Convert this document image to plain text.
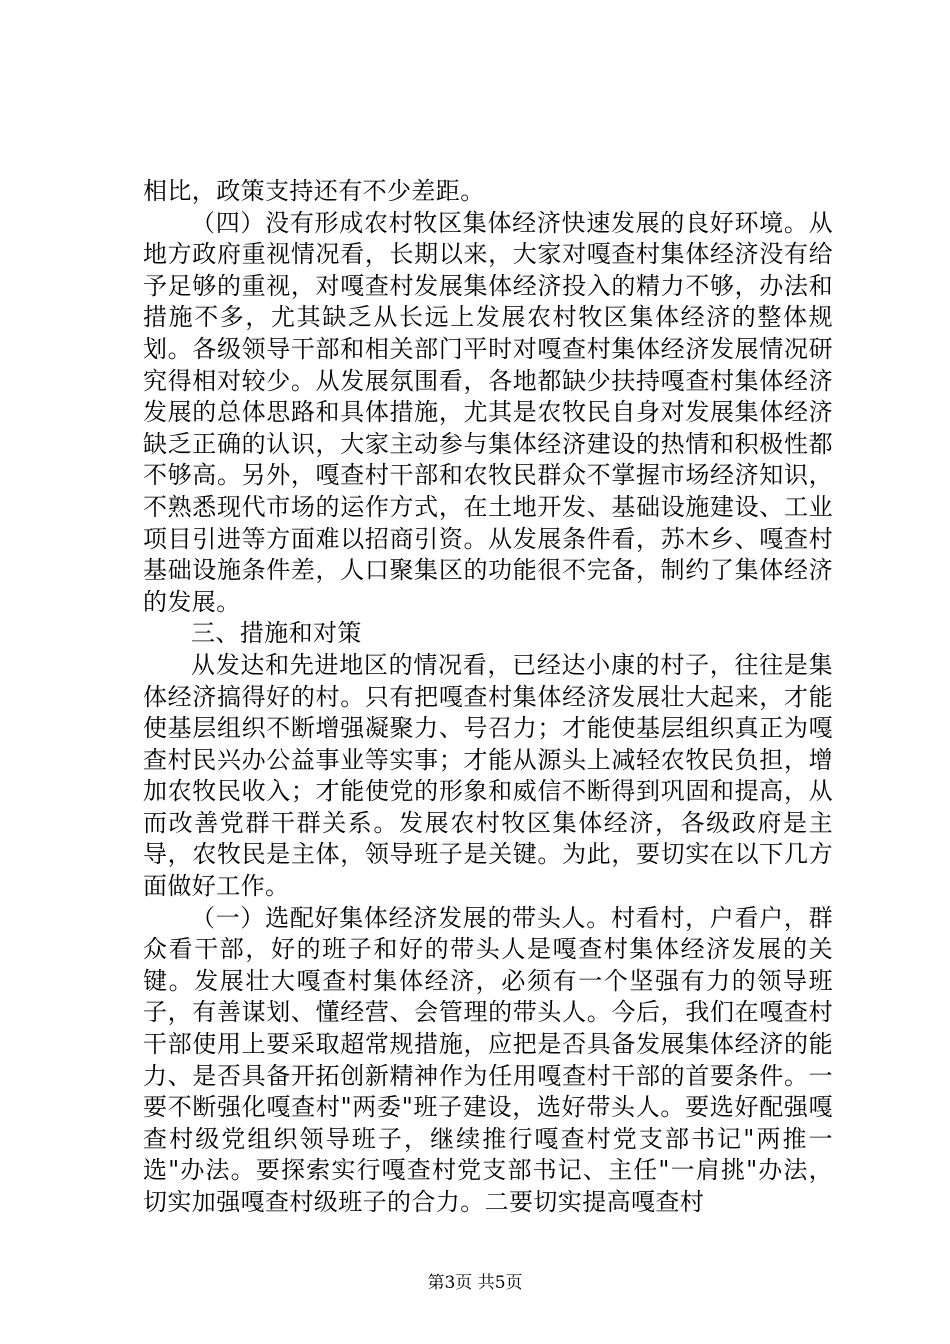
相比，政策支持还有不少差距。

（四）没有形成农村牧区集体经济快速发展的良好环境。从地方政府重视情况看，长期以来，大家对嘎查村集体经济没有给予足够的重视，对嘎查村发展集体经济投入的精力不够，办法和措施不多，尤其缺乏从长远上发展农村牧区集体经济的整体规划。各级领导干部和相关部门平时对嘎查村集体经济发展情况研究得相对较少。从发展氛围看，各地都缺少扶持嘎查村集体经济发展的总体思路和具体措施，尤其是农牧民自身对发展集体经济缺乏正确的认识，大家主动参与集体经济建设的热情和积极性都不够高。另外，嘎查村干部和农牧民群众不掌握市场经济知识，不熟悉现代市场的运作方式，在土地开发、基础设施建设、工业项目引进等方面难以招商引资。从发展条件看，苏木乡、嘎查村基础设施条件差，人口聚集区的功能很不完备，制约了集体经济的发展。

三、措施和对策

从发达和先进地区的情况看，已经达小康的村子，往往是集体经济搞得好的村。只有把嘎查村集体经济发展壮大起来，才能使基层组织不断增强凝聚力、号召力；才能使基层组织真正为嘎查村民兴办公益事业等实事；才能从源头上减轻农牧民负担，增加农牧民收入；才能使党的形象和威信不断得到巩固和提高，从而改善党群干群关系。发展农村牧区集体经济，各级政府是主导，农牧民是主体，领导班子是关键。为此，要切实在以下几方面做好工作。

（一）选配好集体经济发展的带头人。村看村，户看户，群众看干部，好的班子和好的带头人是嘎查村集体经济发展的关键。发展壮大嘎查村集体经济，必须有一个坚强有力的领导班子，有善谋划、懂经营、会管理的带头人。今后，我们在嘎查村干部使用上要采取超常规措施，应把是否具备发展集体经济的能力、是否具备开拓创新精神作为任用嘎查村干部的首要条件。一要不断强化嘎查村"两委"班子建设，选好带头人。要选好配强嘎查村级党组织领导班子，继续推行嘎查村党支部书记"两推一选"办法。要探索实行嘎查村党支部书记、主任"一肩挑"办法，切实加强嘎查村级班子的合力。二要切实提高嘎查村

第3页 共5页
